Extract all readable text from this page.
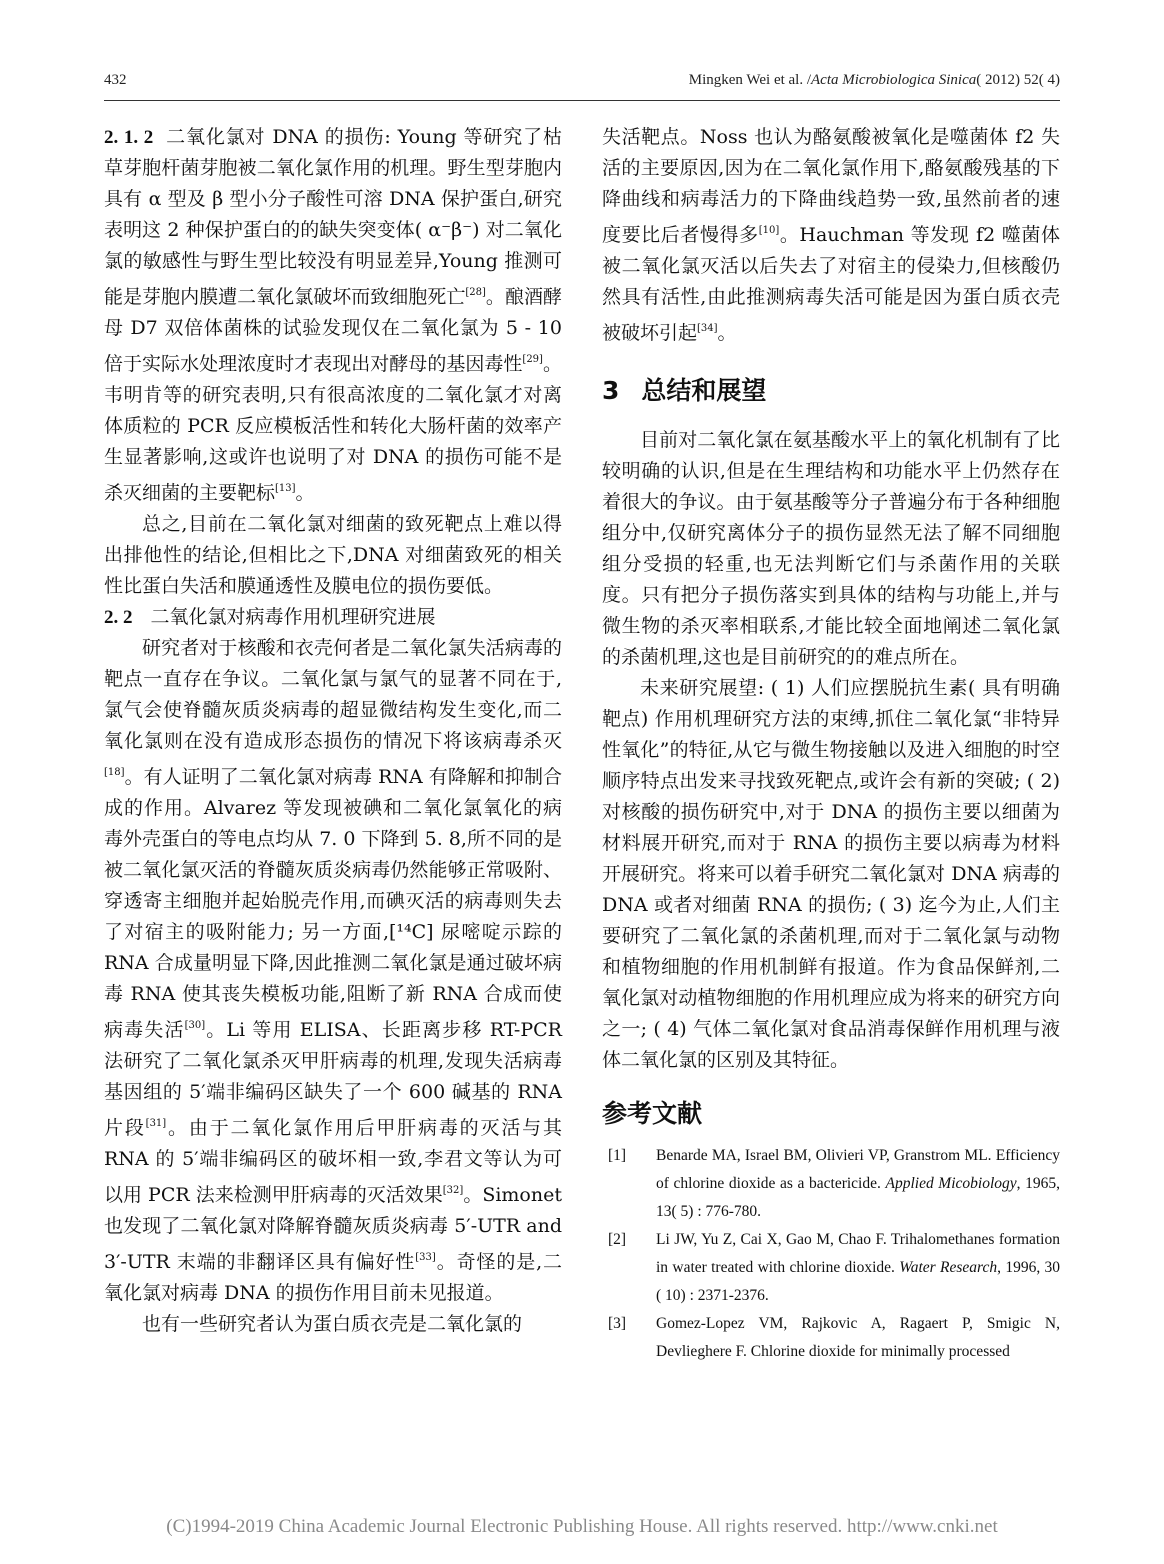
432	Mingken Wei et al. /Acta Microbiologica Sinica( 2012) 52( 4)

2. 1. 2 二氧化氯对 DNA 的损伤: Young 等研究了枯草芽胞杆菌芽胞被二氧化氯作用的机理。野生型芽胞内具有 α 型及 β 型小分子酸性可溶 DNA 保护蛋白,研究表明这 2 种保护蛋白的的缺失突变体( α⁻β⁻) 对二氧化氯的敏感性与野生型比较没有明显差异,Young 推测可能是芽胞内膜遭二氧化氯破坏而致细胞死亡[28]。酿酒酵母 D7 双倍体菌株的试验发现仅在二氧化氯为 5 - 10 倍于实际水处理浓度时才表现出对酵母的基因毒性[29]。韦明肯等的研究表明,只有很高浓度的二氧化氯才对离体质粒的 PCR 反应模板活性和转化大肠杆菌的效率产生显著影响,这或许也说明了对 DNA 的损伤可能不是杀灭细菌的主要靶标[13]。

总之,目前在二氧化氯对细菌的致死靶点上难以得出排他性的结论,但相比之下,DNA 对细菌致死的相关性比蛋白失活和膜通透性及膜电位的损伤要低。

2. 2 二氧化氯对病毒作用机理研究进展

研究者对于核酸和衣壳何者是二氧化氯失活病毒的靶点一直存在争议。二氧化氯与氯气的显著不同在于,氯气会使脊髓灰质炎病毒的超显微结构发生变化,而二氧化氯则在没有造成形态损伤的情况下将该病毒杀灭[18]。有人证明了二氧化氯对病毒 RNA 有降解和抑制合成的作用。Alvarez 等发现被碘和二氧化氯氧化的病毒外壳蛋白的等电点均从 7. 0 下降到 5. 8,所不同的是被二氧化氯灭活的脊髓灰质炎病毒仍然能够正常吸附、穿透寄主细胞并起始脱壳作用,而碘灭活的病毒则失去了对宿主的吸附能力; 另一方面,[¹⁴C] 尿嘧啶示踪的 RNA 合成量明显下降,因此推测二氧化氯是通过破坏病毒 RNA 使其丧失模板功能,阻断了新 RNA 合成而使病毒失活[30]。Li 等用 ELISA、长距离步移 RT-PCR 法研究了二氧化氯杀灭甲肝病毒的机理,发现失活病毒基因组的 5′端非编码区缺失了一个 600 碱基的 RNA 片段[31]。由于二氧化氯作用后甲肝病毒的灭活与其 RNA 的 5′端非编码区的破坏相一致,李君文等认为可以用 PCR 法来检测甲肝病毒的灭活效果[32]。Simonet 也发现了二氧化氯对降解脊髓灰质炎病毒 5′-UTR and 3′-UTR 末端的非翻译区具有偏好性[33]。奇怪的是,二氧化氯对病毒 DNA 的损伤作用目前未见报道。

也有一些研究者认为蛋白质衣壳是二氧化氯的

失活靶点。Noss 也认为酪氨酸被氧化是噬菌体 f2 失活的主要原因,因为在二氧化氯作用下,酪氨酸残基的下降曲线和病毒活力的下降曲线趋势一致,虽然前者的速度要比后者慢得多[10]。Hauchman 等发现 f2 噬菌体被二氧化氯灭活以后失去了对宿主的侵染力,但核酸仍然具有活性,由此推测病毒失活可能是因为蛋白质衣壳被破坏引起[34]。

3 总结和展望

目前对二氧化氯在氨基酸水平上的氧化机制有了比较明确的认识,但是在生理结构和功能水平上仍然存在着很大的争议。由于氨基酸等分子普遍分布于各种细胞组分中,仅研究离体分子的损伤显然无法了解不同细胞组分受损的轻重,也无法判断它们与杀菌作用的关联度。只有把分子损伤落实到具体的结构与功能上,并与微生物的杀灭率相联系,才能比较全面地阐述二氧化氯的杀菌机理,这也是目前研究的的难点所在。

未来研究展望: ( 1) 人们应摆脱抗生素( 具有明确靶点) 作用机理研究方法的束缚,抓住二氧化氯“非特异性氧化”的特征,从它与微生物接触以及进入细胞的时空顺序特点出发来寻找致死靶点,或许会有新的突破; ( 2) 对核酸的损伤研究中,对于 DNA 的损伤主要以细菌为材料展开研究,而对于 RNA 的损伤主要以病毒为材料开展研究。将来可以着手研究二氧化氯对 DNA 病毒的 DNA 或者对细菌 RNA 的损伤; ( 3) 迄今为止,人们主要研究了二氧化氯的杀菌机理,而对于二氧化氯与动物和植物细胞的作用机制鲜有报道。作为食品保鲜剂,二氧化氯对动植物细胞的作用机理应成为将来的研究方向之一; ( 4) 气体二氧化氯对食品消毒保鲜作用机理与液体二氧化氯的区别及其特征。

参考文献
[1]	Benarde MA, Israel BM, Olivieri VP, Granstrom ML. Efficiency of chlorine dioxide as a bactericide. Applied Micobiology, 1965, 13( 5) : 776-780.
[2]	Li JW, Yu Z, Cai X, Gao M, Chao F. Trihalomethanes formation in water treated with chlorine dioxide. Water Research, 1996, 30 ( 10) : 2371-2376.
[3]	Gomez-Lopez VM, Rajkovic A, Ragaert P, Smigic N, Devlieghere F. Chlorine dioxide for minimally processed
(C)1994-2019 China Academic Journal Electronic Publishing House. All rights reserved. http://www.cnki.net
